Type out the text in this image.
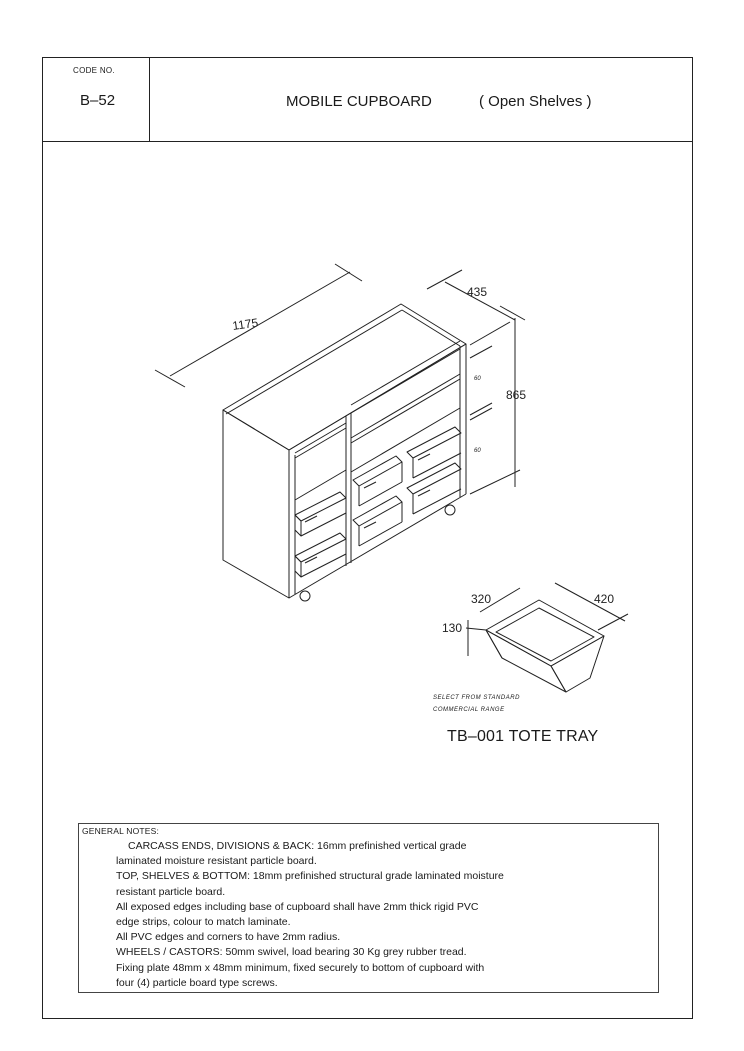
CODE NO.
B–52	MOBILE CUPBOARD	( Open Shelves )
1175
435
865
60
60
320	420
130
SELECT FROM STANDARD
COMMERCIAL RANGE
TB–001 TOTE TRAY
GENERAL NOTES:
CARCASS ENDS, DIVISIONS & BACK: 16mm prefinished vertical grade
laminated moisture resistant particle board.
TOP, SHELVES & BOTTOM: 18mm prefinished structural grade laminated moisture
resistant particle board.
All exposed edges including base of cupboard shall have 2mm thick rigid PVC
edge strips, colour to match laminate.
All PVC edges and corners to have 2mm radius.
WHEELS / CASTORS: 50mm swivel, load bearing 30 Kg grey rubber tread.
Fixing plate 48mm x 48mm minimum, fixed securely to bottom of cupboard with
four (4) particle board type screws.
